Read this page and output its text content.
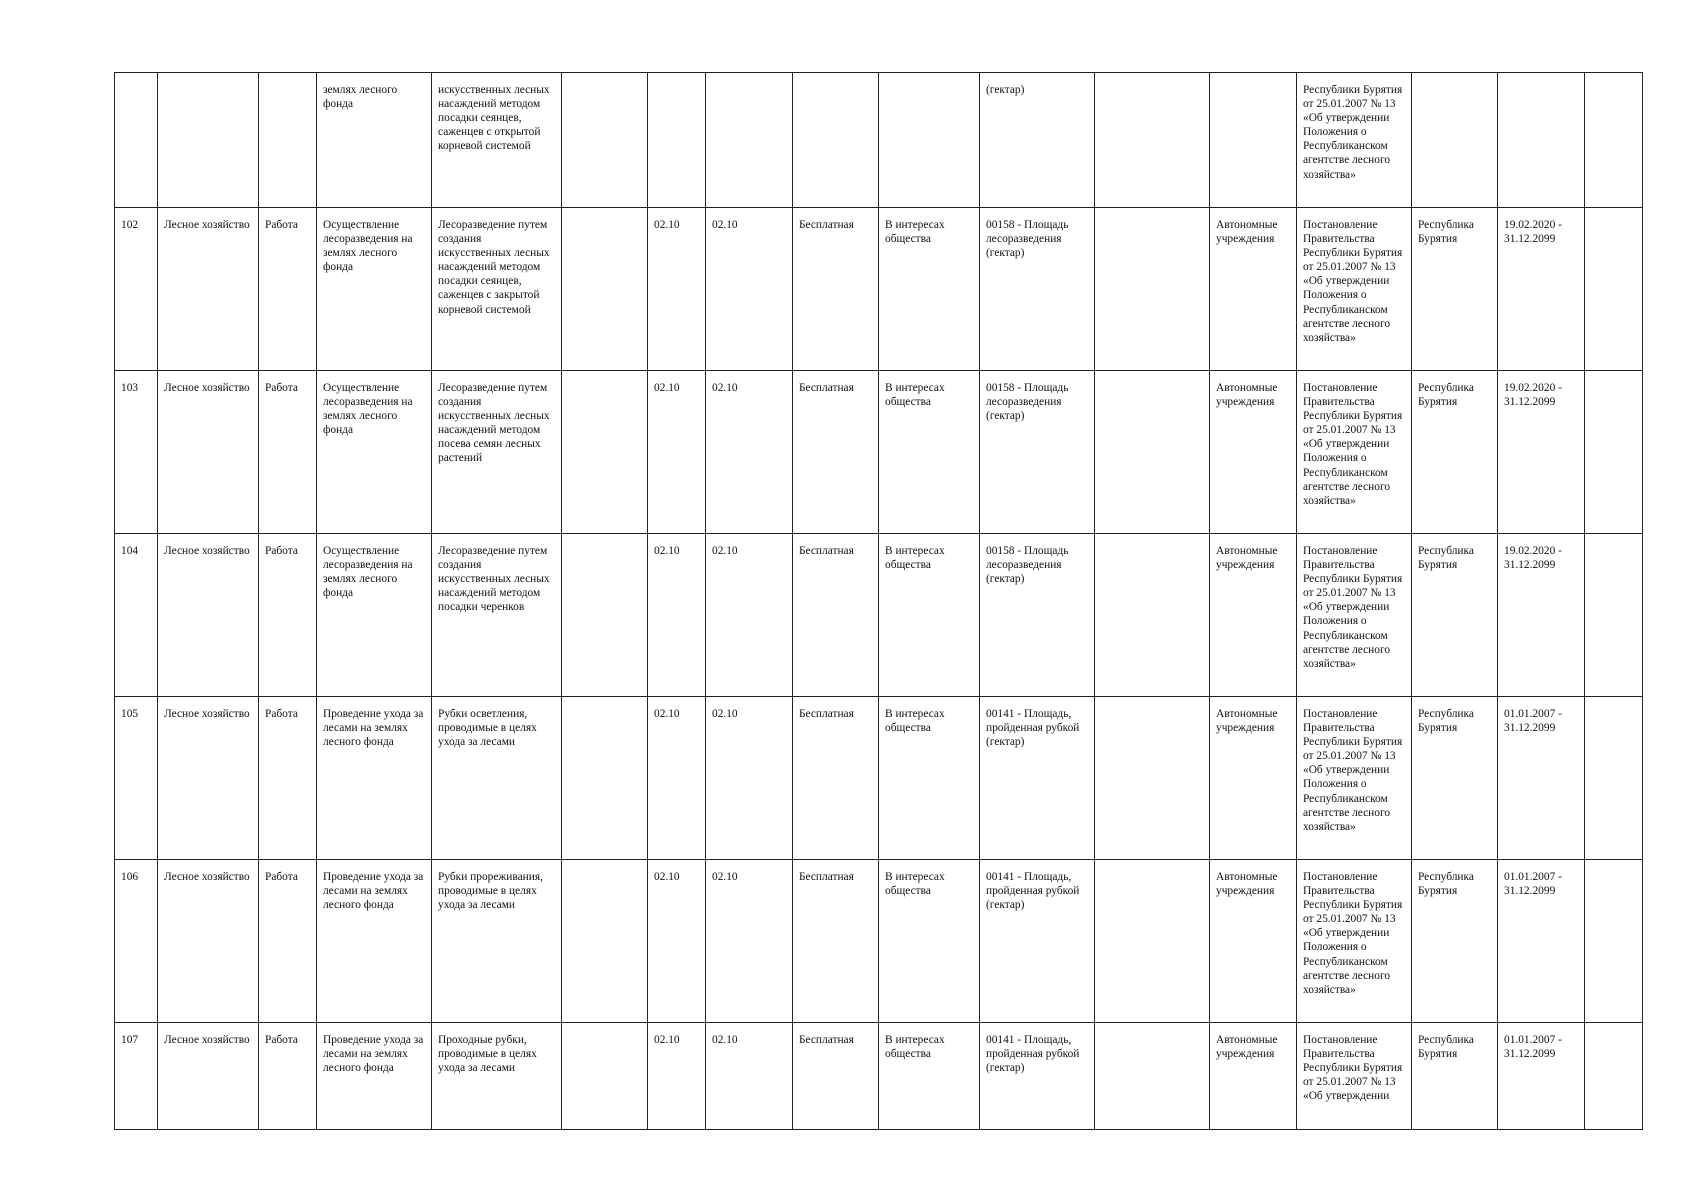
			землях лесного фонда	искусственных лесных насаждений методом посадки сеянцев, саженцев с открытой корневой системой						(гектар)			Республики Бурятия от 25.01.2007 № 13 «Об утверждении Положения о Республиканском агентстве лесного хозяйства»			
102	Лесное хозяйство	Работа	Осуществление лесоразведения на землях лесного фонда	Лесоразведение путем создания искусственных лесных насаждений методом посадки сеянцев, саженцев с закрытой корневой системой		02.10	02.10	Бесплатная	В интересах общества	00158 - Площадь лесоразведения (гектар)		Автономные учреждения	Постановление Правительства Республики Бурятия от 25.01.2007 № 13 «Об утверждении Положения о Республиканском агентстве лесного хозяйства»	Республика Бурятия	19.02.2020 - 31.12.2099	
103	Лесное хозяйство	Работа	Осуществление лесоразведения на землях лесного фонда	Лесоразведение путем создания искусственных лесных насаждений методом посева семян лесных растений		02.10	02.10	Бесплатная	В интересах общества	00158 - Площадь лесоразведения (гектар)		Автономные учреждения	Постановление Правительства Республики Бурятия от 25.01.2007 № 13 «Об утверждении Положения о Республиканском агентстве лесного хозяйства»	Республика Бурятия	19.02.2020 - 31.12.2099	
104	Лесное хозяйство	Работа	Осуществление лесоразведения на землях лесного фонда	Лесоразведение путем создания искусственных лесных насаждений методом посадки черенков		02.10	02.10	Бесплатная	В интересах общества	00158 - Площадь лесоразведения (гектар)		Автономные учреждения	Постановление Правительства Республики Бурятия от 25.01.2007 № 13 «Об утверждении Положения о Республиканском агентстве лесного хозяйства»	Республика Бурятия	19.02.2020 - 31.12.2099	
105	Лесное хозяйство	Работа	Проведение ухода за лесами на землях лесного фонда	Рубки осветления, проводимые в целях ухода за лесами		02.10	02.10	Бесплатная	В интересах общества	00141 - Площадь, пройденная рубкой (гектар)		Автономные учреждения	Постановление Правительства Республики Бурятия от 25.01.2007 № 13 «Об утверждении Положения о Республиканском агентстве лесного хозяйства»	Республика Бурятия	01.01.2007 - 31.12.2099	
106	Лесное хозяйство	Работа	Проведение ухода за лесами на землях лесного фонда	Рубки прореживания, проводимые в целях ухода за лесами		02.10	02.10	Бесплатная	В интересах общества	00141 - Площадь, пройденная рубкой (гектар)		Автономные учреждения	Постановление Правительства Республики Бурятия от 25.01.2007 № 13 «Об утверждении Положения о Республиканском агентстве лесного хозяйства»	Республика Бурятия	01.01.2007 - 31.12.2099	
107	Лесное хозяйство	Работа	Проведение ухода за лесами на землях лесного фонда	Проходные рубки, проводимые в целях ухода за лесами		02.10	02.10	Бесплатная	В интересах общества	00141 - Площадь, пройденная рубкой (гектар)		Автономные учреждения	Постановление Правительства Республики Бурятия от 25.01.2007 № 13 «Об утверждении	Республика Бурятия	01.01.2007 - 31.12.2099	
